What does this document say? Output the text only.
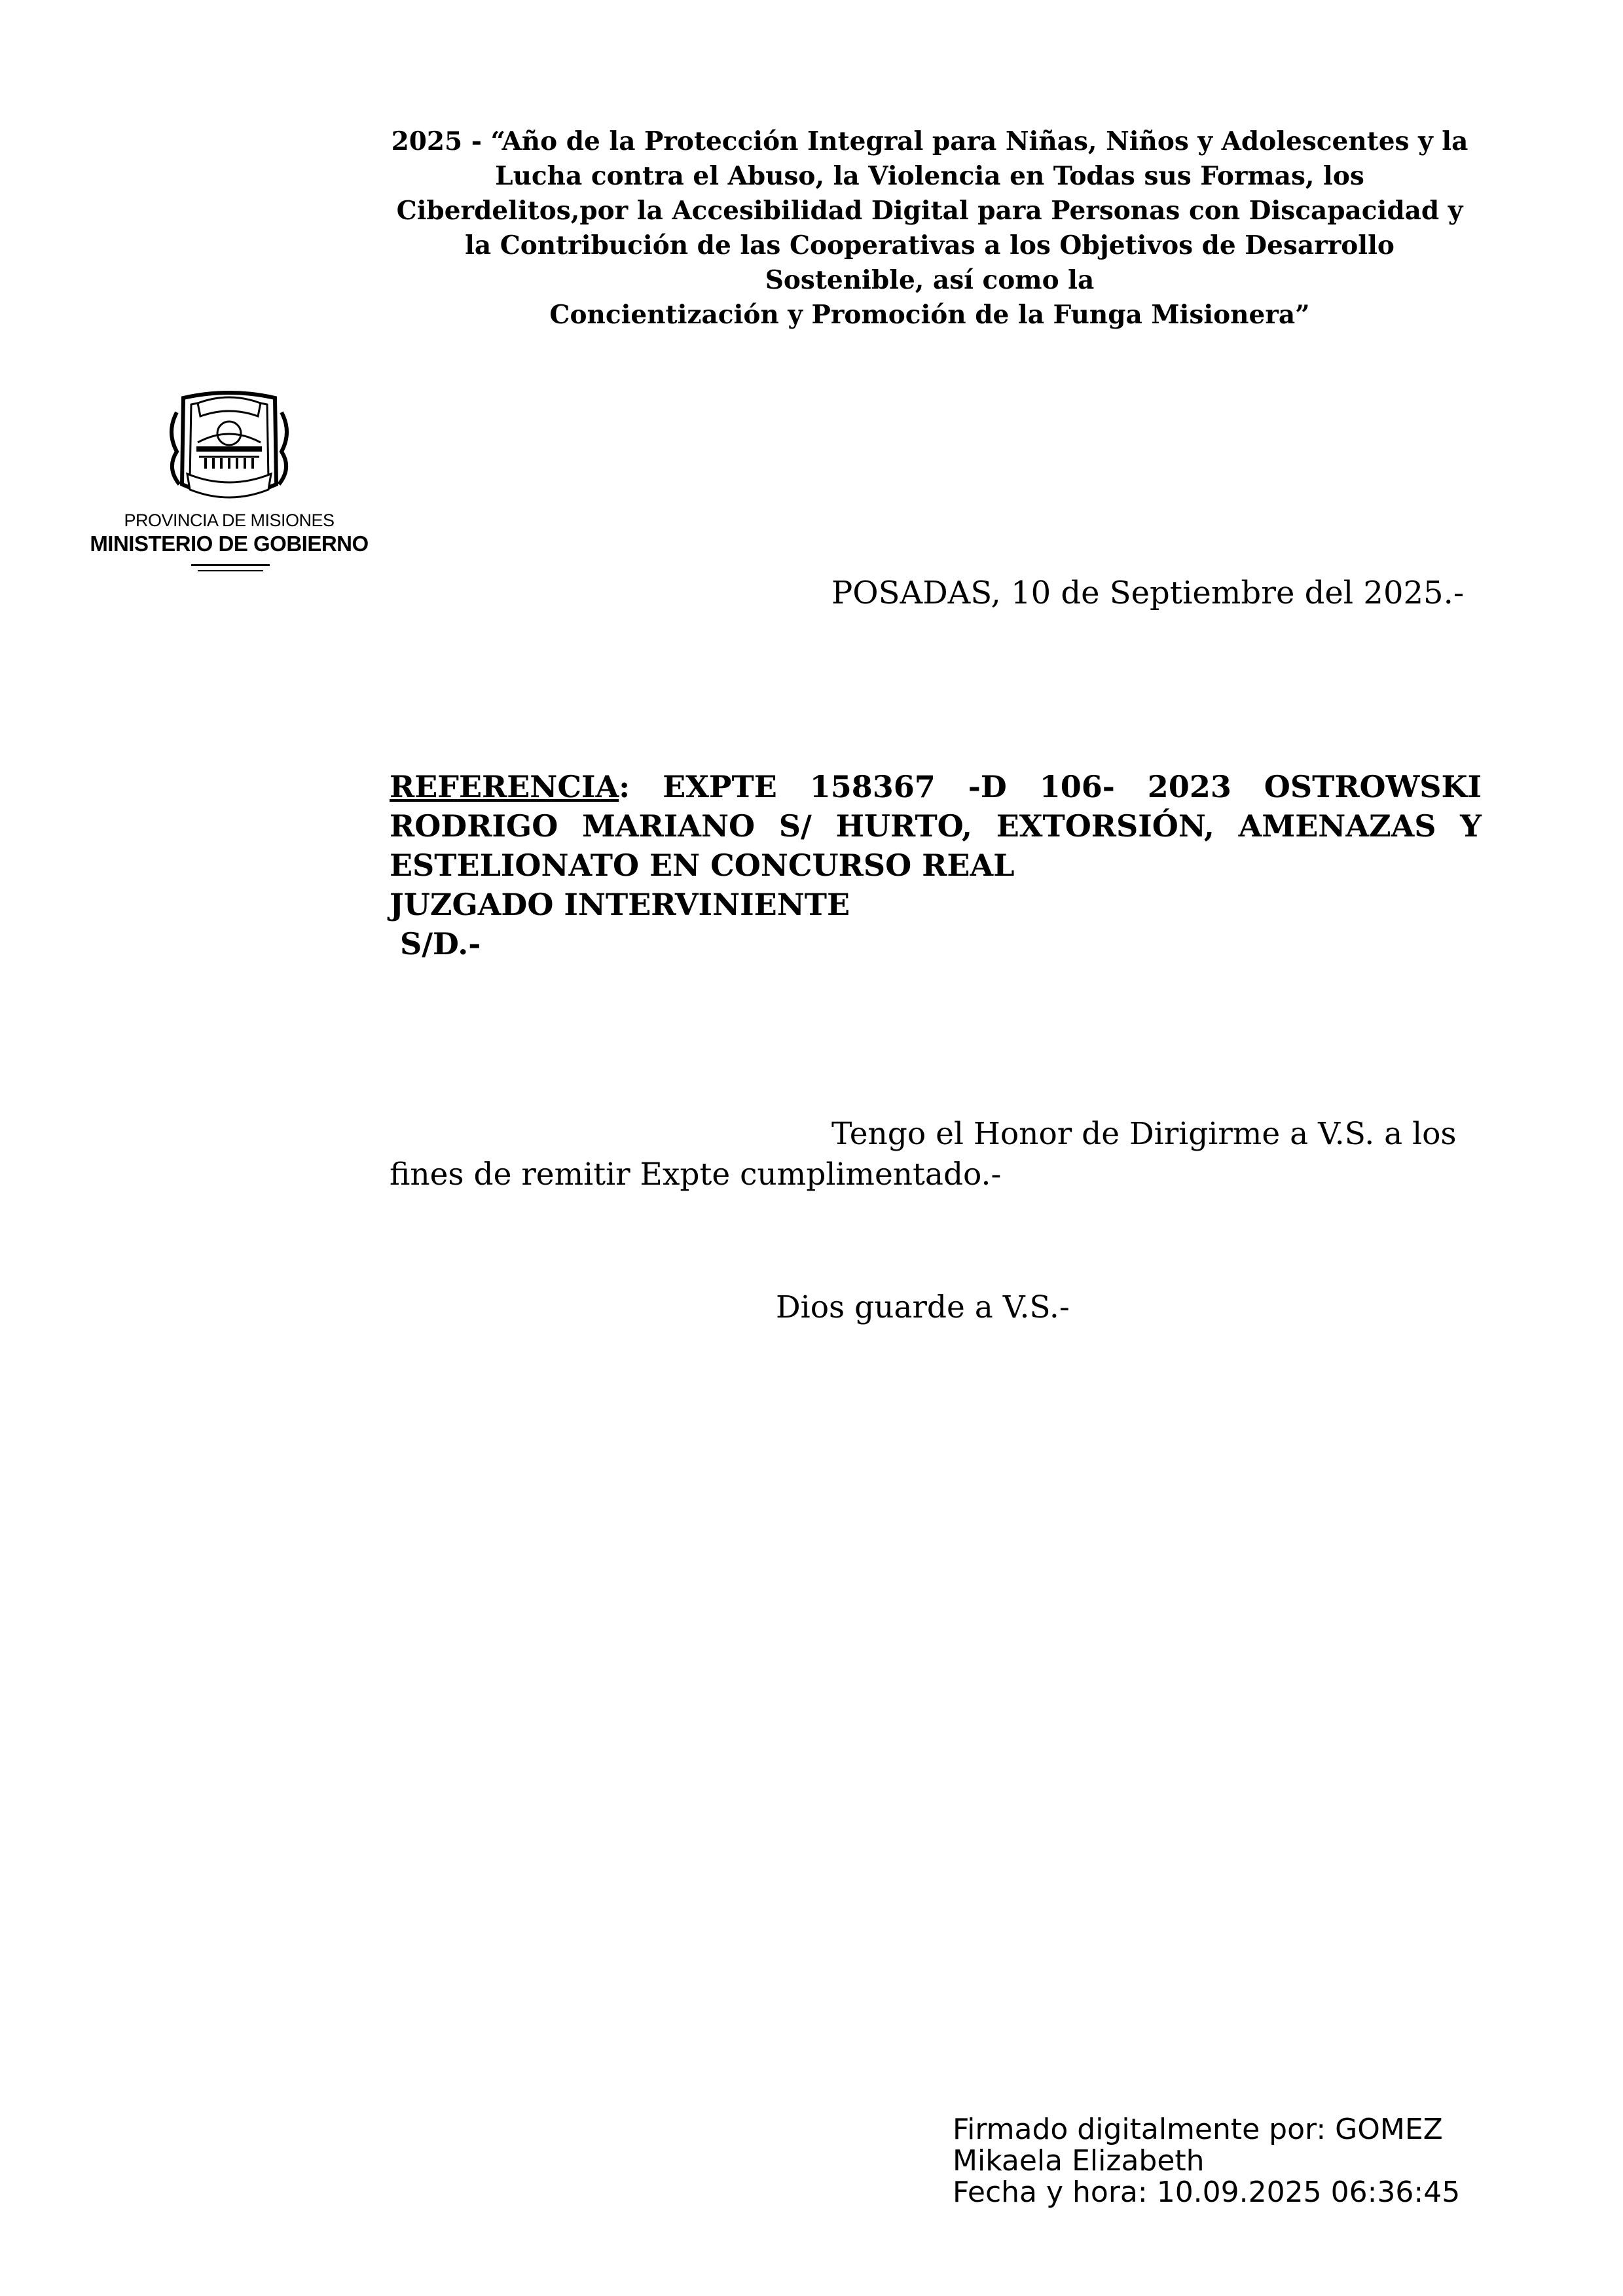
2025 - “Año de la Protección Integral para Niñas, Niños y Adolescentes y la
Lucha contra el Abuso, la Violencia en Todas sus Formas, los
Ciberdelitos,por la Accesibilidad Digital para Personas con Discapacidad y
la Contribución de las Cooperativas a los Objetivos de Desarrollo
Sostenible, así como la
Concientización y Promoción de la Funga Misionera”
PROVINCIA DE MISIONES
MINISTERIO DE GOBIERNO
POSADAS, 10 de Septiembre del 2025.-
REFERENCIA: EXPTE 158367 -D 106- 2023 OSTROWSKI
RODRIGO MARIANO S/ HURTO, EXTORSIÓN, AMENAZAS Y
ESTELIONATO EN CONCURSO REAL
JUZGADO INTERVINIENTE
S/D.-
Tengo el Honor de Dirigirme a V.S. a los
fines de remitir Expte cumplimentado.-
Dios guarde a V.S.-
Firmado digitalmente por: GOMEZ
Mikaela Elizabeth
Fecha y hora: 10.09.2025 06:36:45
